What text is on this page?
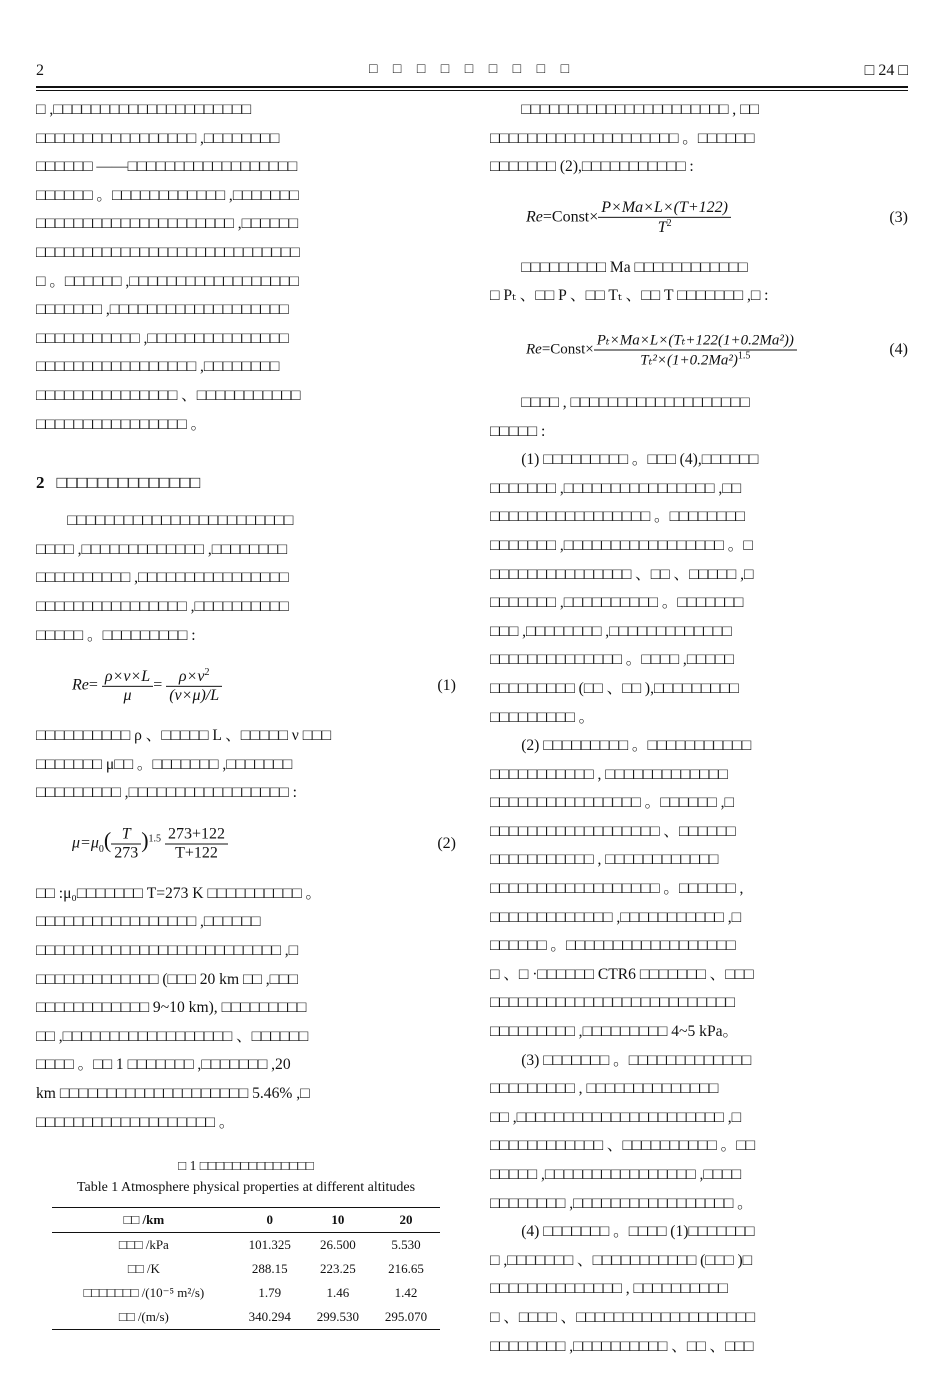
2	□ □ □ □ □ □ □ □ □	□ 24 □
□ ,□□□□□□□□□□□□□□□□□□□□□
□□□□□□□□□□□□□□□□□ ,□□□□□□□□
□□□□□□ ——□□□□□□□□□□□□□□□□□□
□□□□□□ 。□□□□□□□□□□□□ ,□□□□□□□
□□□□□□□□□□□□□□□□□□□□□ ,□□□□□□
□□□□□□□□□□□□□□□□□□□□□□□□□□□□
□ 。□□□□□□ ,□□□□□□□□□□□□□□□□□□
□□□□□□□ ,□□□□□□□□□□□□□□□□□□□
□□□□□□□□□□□ ,□□□□□□□□□□□□□□□
□□□□□□□□□□□□□□□□□ ,□□□□□□□□
□□□□□□□□□□□□□□□ 、□□□□□□□□□□□
□□□□□□□□□□□□□□□□ 。
2 □□□□□□□□□□□□□□
□□□□□□□□□□□□□□□□□□□□□□□□
□□□□ ,□□□□□□□□□□□□□ ,□□□□□□□□
□□□□□□□□□□ ,□□□□□□□□□□□□□□□□
□□□□□□□□□□□□□□□□ ,□□□□□□□□□□
□□□□□ 。□□□□□□□□□ :
$Re= \frac{\rho\times\nu\times L}{\mu} = \frac{\rho\times\nu^2}{(\nu\times\mu)/L}$	(1)
□□□□□□□□□□ ρ 、□□□□□ L 、□□□□□ ν □□□
□□□□□□□ μ□□ 。□□□□□□□ ,□□□□□□□
□□□□□□□□□ ,□□□□□□□□□□□□□□□□□ :
$\mu=\mu_0( \frac{T}{273} )^{1.5} \frac{273+122}{T+122}$	(2)
□□ :μ₀□□□□□□□ T=273 K □□□□□□□□□□ 。
□□□□□□□□□□□□□□□□□ ,□□□□□□
□□□□□□□□□□□□□□□□□□□□□□□□□□ ,□
□□□□□□□□□□□□□ (□□□ 20 km □□ ,□□□
□□□□□□□□□□□□ 9~10 km), □□□□□□□□□
□□ ,□□□□□□□□□□□□□□□□□□ 、□□□□□□
□□□□ 。□□ 1 □□□□□□□ ,□□□□□□□ ,20
km □□□□□□□□□□□□□□□□□□□□ 5.46% ,□
□□□□□□□□□□□□□□□□□□□ 。
□ 1 □□□□□□□□□□□□□□
Table 1 Atmosphere physical properties at different altitudes
□□ /km	0	10	20
□□□ /kPa	101.325	26.500	5.530
□□ /K	288.15	223.25	216.65
□□□□□□□ /(10⁻⁵ m²/s)	1.79	1.46	1.42
□□ /(m/s)	340.294	299.530	295.070
□□□□□□□□□□□□□□□□□□□□□□ , □□
□□□□□□□□□□□□□□□□□□□□ 。□□□□□□
□□□□□□□ (2),□□□□□□□□□□□ :
Re=Const× $\frac{P\times Ma\times L\times(T+122)}{T^2}$	(3)
□□□□□□□□□ Ma □□□□□□□□□□□□
□ Pₜ 、□□ P 、□□ Tₜ 、□□ T □□□□□□□ ,□ :
Re=Const× $\frac{\text{Pₜ×Ma×L×(Tₜ+122(1+0.2Ma²))}}{T_t^2\times(1+0.2Ma^2)^{1.5}}$	(4)
□□□□ , □□□□□□□□□□□□□□□□□□□
□□□□□ :
(1) □□□□□□□□□ 。□□□ (4),□□□□□□
□□□□□□□ ,□□□□□□□□□□□□□□□□ ,□□
□□□□□□□□□□□□□□□□□ 。□□□□□□□□
□□□□□□□ ,□□□□□□□□□□□□□□□□□ 。□
□□□□□□□□□□□□□□□ 、□□ 、□□□□□ ,□
□□□□□□□ ,□□□□□□□□□□ 。□□□□□□□
□□□ ,□□□□□□□□ ,□□□□□□□□□□□□□
□□□□□□□□□□□□□□ 。□□□□ ,□□□□□
□□□□□□□□□ (□□ 、□□ ),□□□□□□□□□
□□□□□□□□□ 。
(2) □□□□□□□□□ 。□□□□□□□□□□□
□□□□□□□□□□□ , □□□□□□□□□□□□□
□□□□□□□□□□□□□□□□ 。□□□□□□ ,□
□□□□□□□□□□□□□□□□□□ 、□□□□□□
□□□□□□□□□□□ , □□□□□□□□□□□□
□□□□□□□□□□□□□□□□□□ 。□□□□□□ ,
□□□□□□□□□□□□□ ,□□□□□□□□□□□ ,□
□□□□□□ 。□□□□□□□□□□□□□□□□□□
□ 、□ ·□□□□□□ CTR6 □□□□□□□ 、□□□
□□□□□□□□□□□□□□□□□□□□□□□□□□
□□□□□□□□□ ,□□□□□□□□□ 4~5 kPa。
(3) □□□□□□□ 。□□□□□□□□□□□□□
□□□□□□□□□ , □□□□□□□□□□□□□□
□□ ,□□□□□□□□□□□□□□□□□□□□□□ ,□
□□□□□□□□□□□□ 、□□□□□□□□□□ 。□□
□□□□□ ,□□□□□□□□□□□□□□□□ ,□□□□
□□□□□□□□ ,□□□□□□□□□□□□□□□□□ 。
(4) □□□□□□□ 。□□□□ (1)□□□□□□□
□ ,□□□□□□□ 、□□□□□□□□□□□ (□□□ )□
□□□□□□□□□□□□□□ , □□□□□□□□□□
□ 、□□□□ 、□□□□□□□□□□□□□□□□□□□
□□□□□□□□ ,□□□□□□□□□□ 、□□ 、□□□
